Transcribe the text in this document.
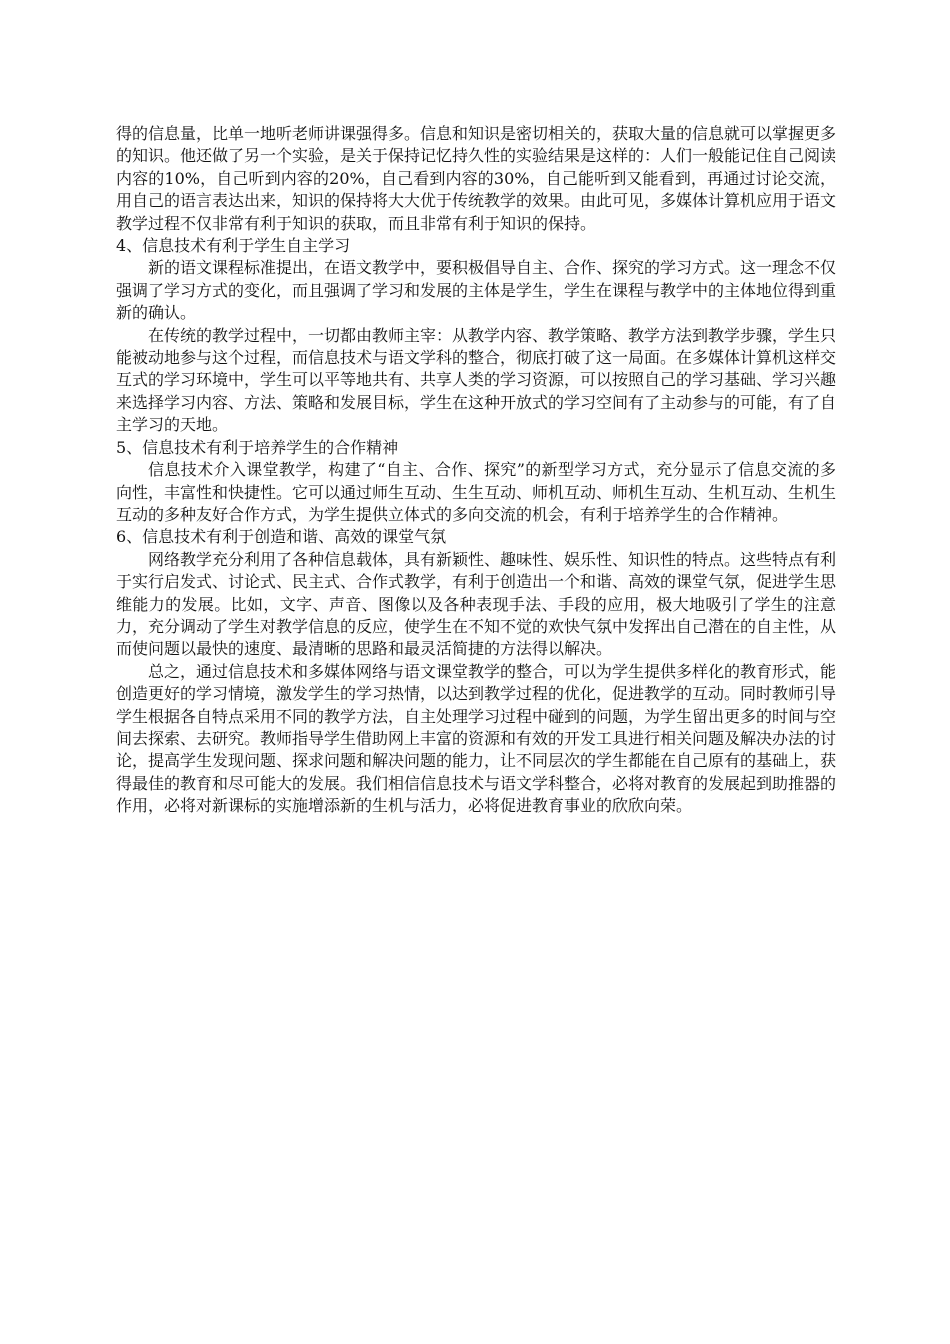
得的信息量，比单一地听老师讲课强得多。信息和知识是密切相关的，获取大量的信息就可以掌握更多的知识。他还做了另一个实验，是关于保持记忆持久性的实验结果是这样的：人们一般能记住自己阅读内容的10%，自己听到内容的20%，自己看到内容的30%，自己能听到又能看到，再通过讨论交流，用自己的语言表达出来，知识的保持将大大优于传统教学的效果。由此可见，多媒体计算机应用于语文教学过程不仅非常有利于知识的获取，而且非常有利于知识的保持。

4、信息技术有利于学生自主学习

新的语文课程标准提出，在语文教学中，要积极倡导自主、合作、探究的学习方式。这一理念不仅强调了学习方式的变化，而且强调了学习和发展的主体是学生，学生在课程与教学中的主体地位得到重新的确认。

在传统的教学过程中，一切都由教师主宰：从教学内容、教学策略、教学方法到教学步骤，学生只能被动地参与这个过程，而信息技术与语文学科的整合，彻底打破了这一局面。在多媒体计算机这样交互式的学习环境中，学生可以平等地共有、共享人类的学习资源，可以按照自己的学习基础、学习兴趣来选择学习内容、方法、策略和发展目标，学生在这种开放式的学习空间有了主动参与的可能，有了自主学习的天地。

5、信息技术有利于培养学生的合作精神

信息技术介入课堂教学，构建了“自主、合作、探究”的新型学习方式，充分显示了信息交流的多向性，丰富性和快捷性。它可以通过师生互动、生生互动、师机互动、师机生互动、生机互动、生机生互动的多种友好合作方式，为学生提供立体式的多向交流的机会，有利于培养学生的合作精神。

6、信息技术有利于创造和谐、高效的课堂气氛

网络教学充分利用了各种信息载体，具有新颖性、趣味性、娱乐性、知识性的特点。这些特点有利于实行启发式、讨论式、民主式、合作式教学，有利于创造出一个和谐、高效的课堂气氛，促进学生思维能力的发展。比如，文字、声音、图像以及各种表现手法、手段的应用，极大地吸引了学生的注意力，充分调动了学生对教学信息的反应，使学生在不知不觉的欢快气氛中发挥出自己潜在的自主性，从而使问题以最快的速度、最清晰的思路和最灵活简捷的方法得以解决。

总之，通过信息技术和多媒体网络与语文课堂教学的整合，可以为学生提供多样化的教育形式，能创造更好的学习情境，激发学生的学习热情，以达到教学过程的优化，促进教学的互动。同时教师引导学生根据各自特点采用不同的教学方法，自主处理学习过程中碰到的问题，为学生留出更多的时间与空间去探索、去研究。教师指导学生借助网上丰富的资源和有效的开发工具进行相关问题及解决办法的讨论，提高学生发现问题、探求问题和解决问题的能力，让不同层次的学生都能在自己原有的基础上，获得最佳的教育和尽可能大的发展。我们相信信息技术与语文学科整合，必将对教育的发展起到助推器的作用，必将对新课标的实施增添新的生机与活力，必将促进教育事业的欣欣向荣。
